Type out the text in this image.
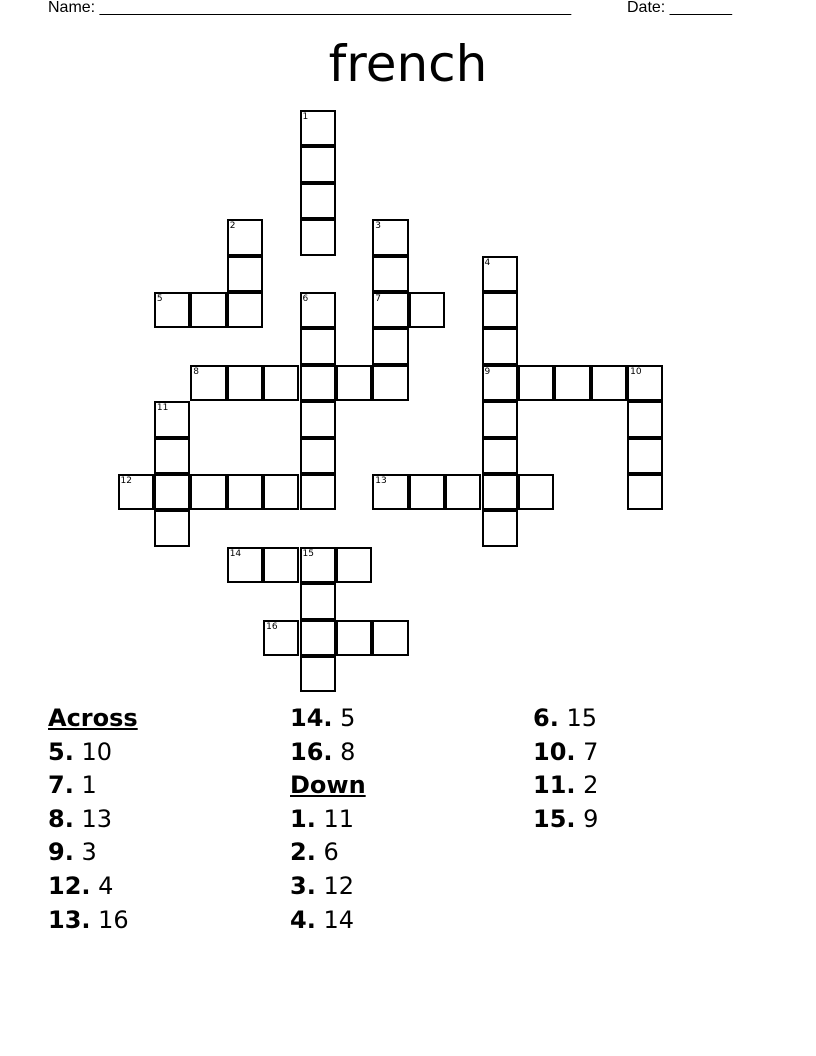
Name: _____________________________________________________	Date: _______
french
1
2	3
4
5	6	7
8	9	10
11
12	13
14	15
16
Across
5. 10
7. 1
8. 13
9. 3
12. 4
13. 16
14. 5
16. 8
Down
1. 11
2. 6
3. 12
4. 14
6. 15
10. 7
11. 2
15. 9
